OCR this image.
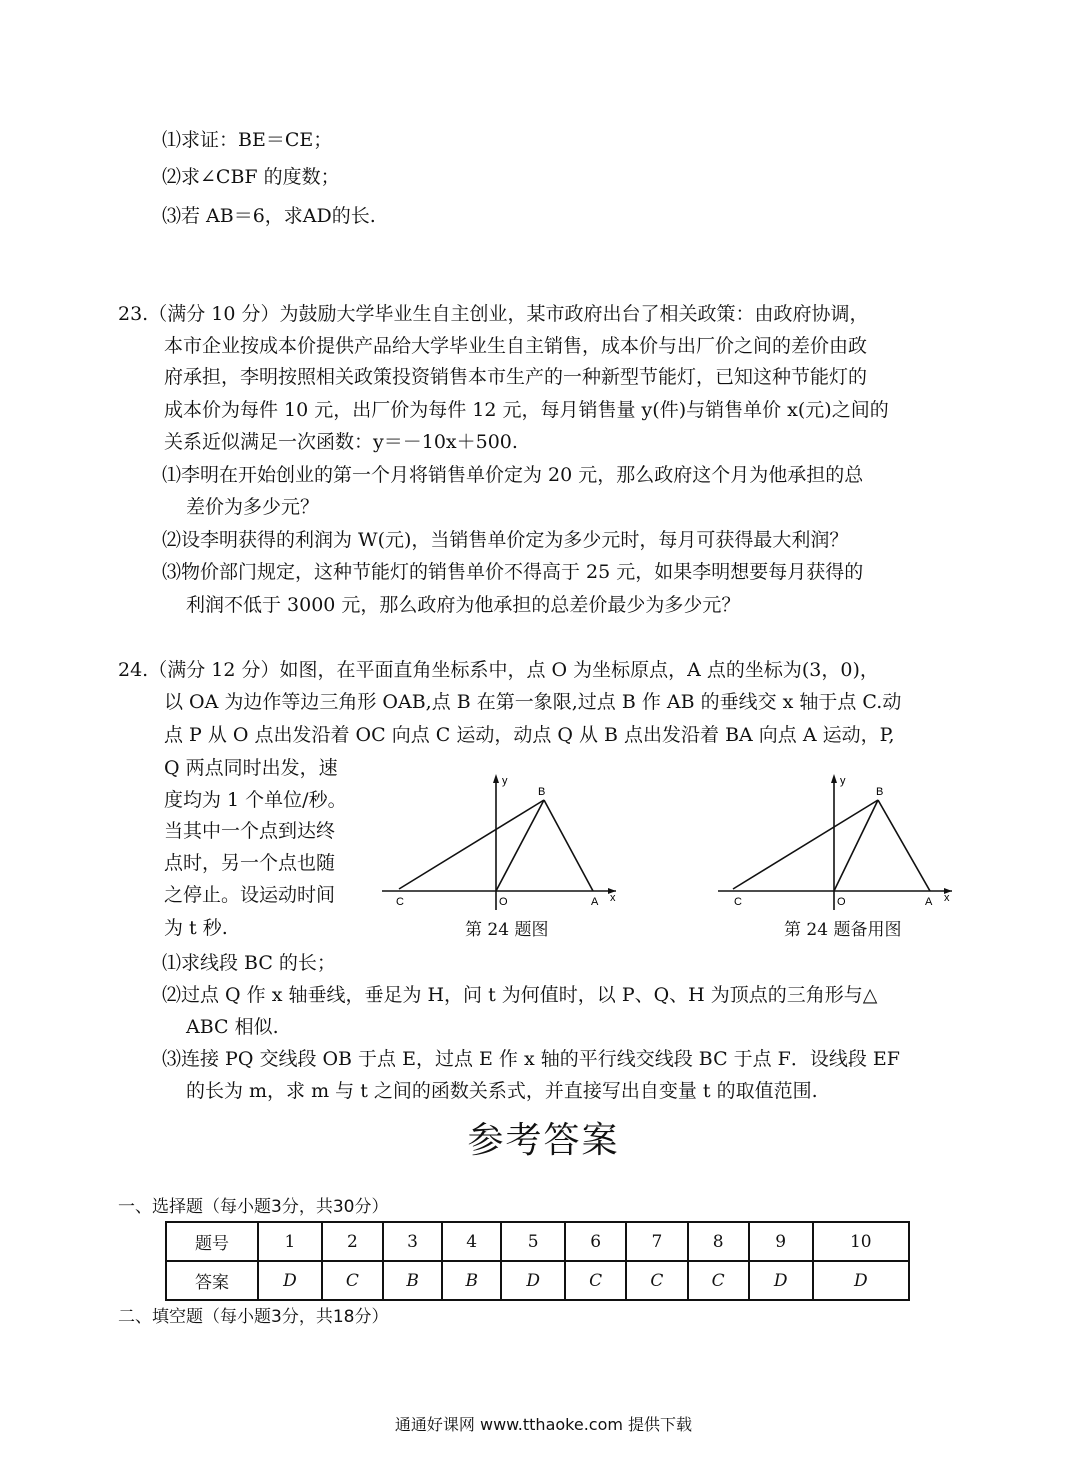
⑴求证：BE＝CE；
⑵求∠CBF 的度数；
⑶若 AB＝6，求AD的长.
23.（满分 10 分）为鼓励大学毕业生自主创业，某市政府出台了相关政策：由政府协调，
本市企业按成本价提供产品给大学毕业生自主销售，成本价与出厂价之间的差价由政
府承担，李明按照相关政策投资销售本市生产的一种新型节能灯，已知这种节能灯的
成本价为每件 10 元，出厂价为每件 12 元，每月销售量 y(件)与销售单价 x(元)之间的
关系近似满足一次函数：y＝－10x＋500.
⑴李明在开始创业的第一个月将销售单价定为 20 元，那么政府这个月为他承担的总
差价为多少元？
⑵设李明获得的利润为 W(元)，当销售单价定为多少元时，每月可获得最大利润？
⑶物价部门规定，这种节能灯的销售单价不得高于 25 元，如果李明想要每月获得的
利润不低于 3000 元，那么政府为他承担的总差价最少为多少元？
24.（满分 12 分）如图，在平面直角坐标系中，点 O 为坐标原点，A 点的坐标为(3，0)，
以 OA 为边作等边三角形 OAB,点 B 在第一象限,过点 B 作 AB 的垂线交 x 轴于点 C.动
点 P 从 O 点出发沿着 OC 向点 C 运动，动点 Q 从 B 点出发沿着 BA 向点 A 运动，P,
Q 两点同时出发，速
度均为 1 个单位/秒。
当其中一个点到达终
点时，另一个点也随
之停止。设运动时间
为 t 秒.
y
B
C	O	A x
第 24 题图
y
B
C	O	A x
第 24 题备用图
⑴求线段 BC 的长；
⑵过点 Q 作 x 轴垂线，垂足为 H，问 t 为何值时，以 P、Q、H 为顶点的三角形与△
ABC 相似.
⑶连接 PQ 交线段 OB 于点 E，过点 E 作 x 轴的平行线交线段 BC 于点 F．设线段 EF
的长为 m，求 m 与 t 之间的函数关系式，并直接写出自变量 t 的取值范围.
参考答案
一、选择题（每小题3分，共30分）
题号	1	2	3	4	5	6	7	8	9	10
答案	D	C	B	B	D	C	C	C	D	D
二、填空题（每小题3分，共18分）
通通好课网 www.tthaoke.com 提供下载
